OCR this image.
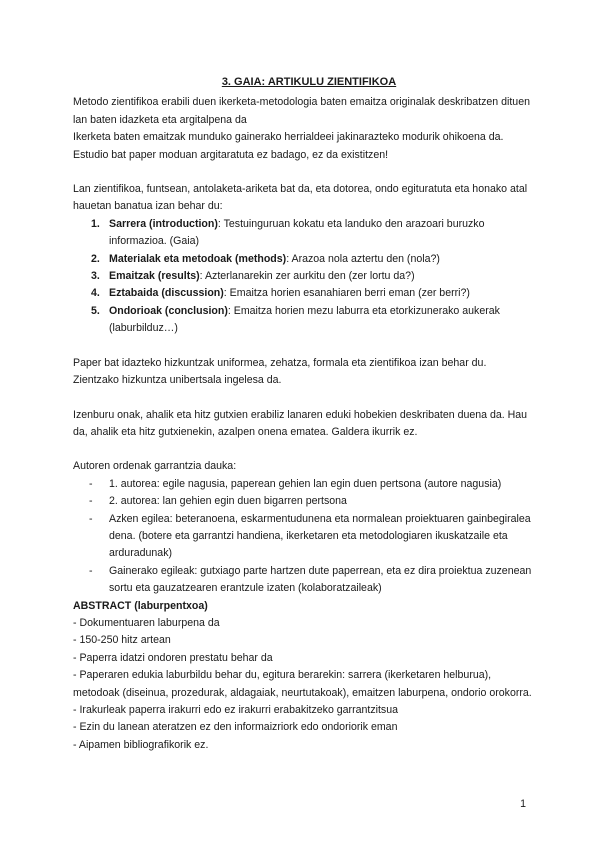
3. GAIA: ARTIKULU ZIENTIFIKOA

Metodo zientifikoa erabili duen ikerketa-metodologia baten emaitza originalak deskribatzen dituen lan baten idazketa eta argitalpena da

Ikerketa baten emaitzak munduko gainerako herrialdeei jakinarazteko modurik ohikoena da.

Estudio bat paper moduan argitaratuta ez badago, ez da existitzen!

Lan zientifikoa, funtsean, antolaketa-ariketa bat da, eta dotorea, ondo egituratuta eta honako atal hauetan banatua izan behar du:

1. Sarrera (introduction): Testuinguruan kokatu eta landuko den arazoari buruzko informazioa. (Gaia)
2. Materialak eta metodoak (methods): Arazoa nola aztertu den (nola?)
3. Emaitzak (results): Azterlanarekin zer aurkitu den (zer lortu da?)
4. Eztabaida (discussion): Emaitza horien esanahiaren berri eman (zer berri?)
5. Ondorioak (conclusion): Emaitza horien mezu laburra eta etorkizunerako aukerak (laburbilduz…)

Paper bat idazteko hizkuntzak uniformea, zehatza, formala eta zientifikoa izan behar du. Zientzako hizkuntza unibertsala ingelesa da.

Izenburu onak, ahalik eta hitz gutxien erabiliz lanaren eduki hobekien deskribaten duena da. Hau da, ahalik eta hitz gutxienekin, azalpen onena ematea. Galdera ikurrik ez.

Autoren ordenak garrantzia dauka:

- 1. autorea: egile nagusia, paperean gehien lan egin duen pertsona (autore nagusia)
- 2. autorea: lan gehien egin duen bigarren pertsona
- Azken egilea: beteranoena, eskarmentudunena eta normalean proiektuaren gainbegiralea dena. (botere eta garrantzi handiena, ikerketaren eta metodologiaren ikuskatzaile eta arduradunak)
- Gainerako egileak: gutxiago parte hartzen dute paperrean, eta ez dira proiektua zuzenean sortu eta gauzatzearen erantzule izaten (kolaboratzaileak)

ABSTRACT (laburpentxoa)

- Dokumentuaren laburpena da

- 150-250 hitz artean

- Paperra idatzi ondoren prestatu behar da

- Paperaren edukia laburbildu behar du, egitura berarekin: sarrera (ikerketaren helburua), metodoak (diseinua, prozedurak, aldagaiak, neurtutakoak), emaitzen laburpena, ondorio orokorra.

- Irakurleak paperra irakurri edo ez irakurri erabakitzeko garrantzitsua

- Ezin du lanean ateratzen ez den informaizriork edo ondoriorik eman

- Aipamen bibliografikorik ez.

1
